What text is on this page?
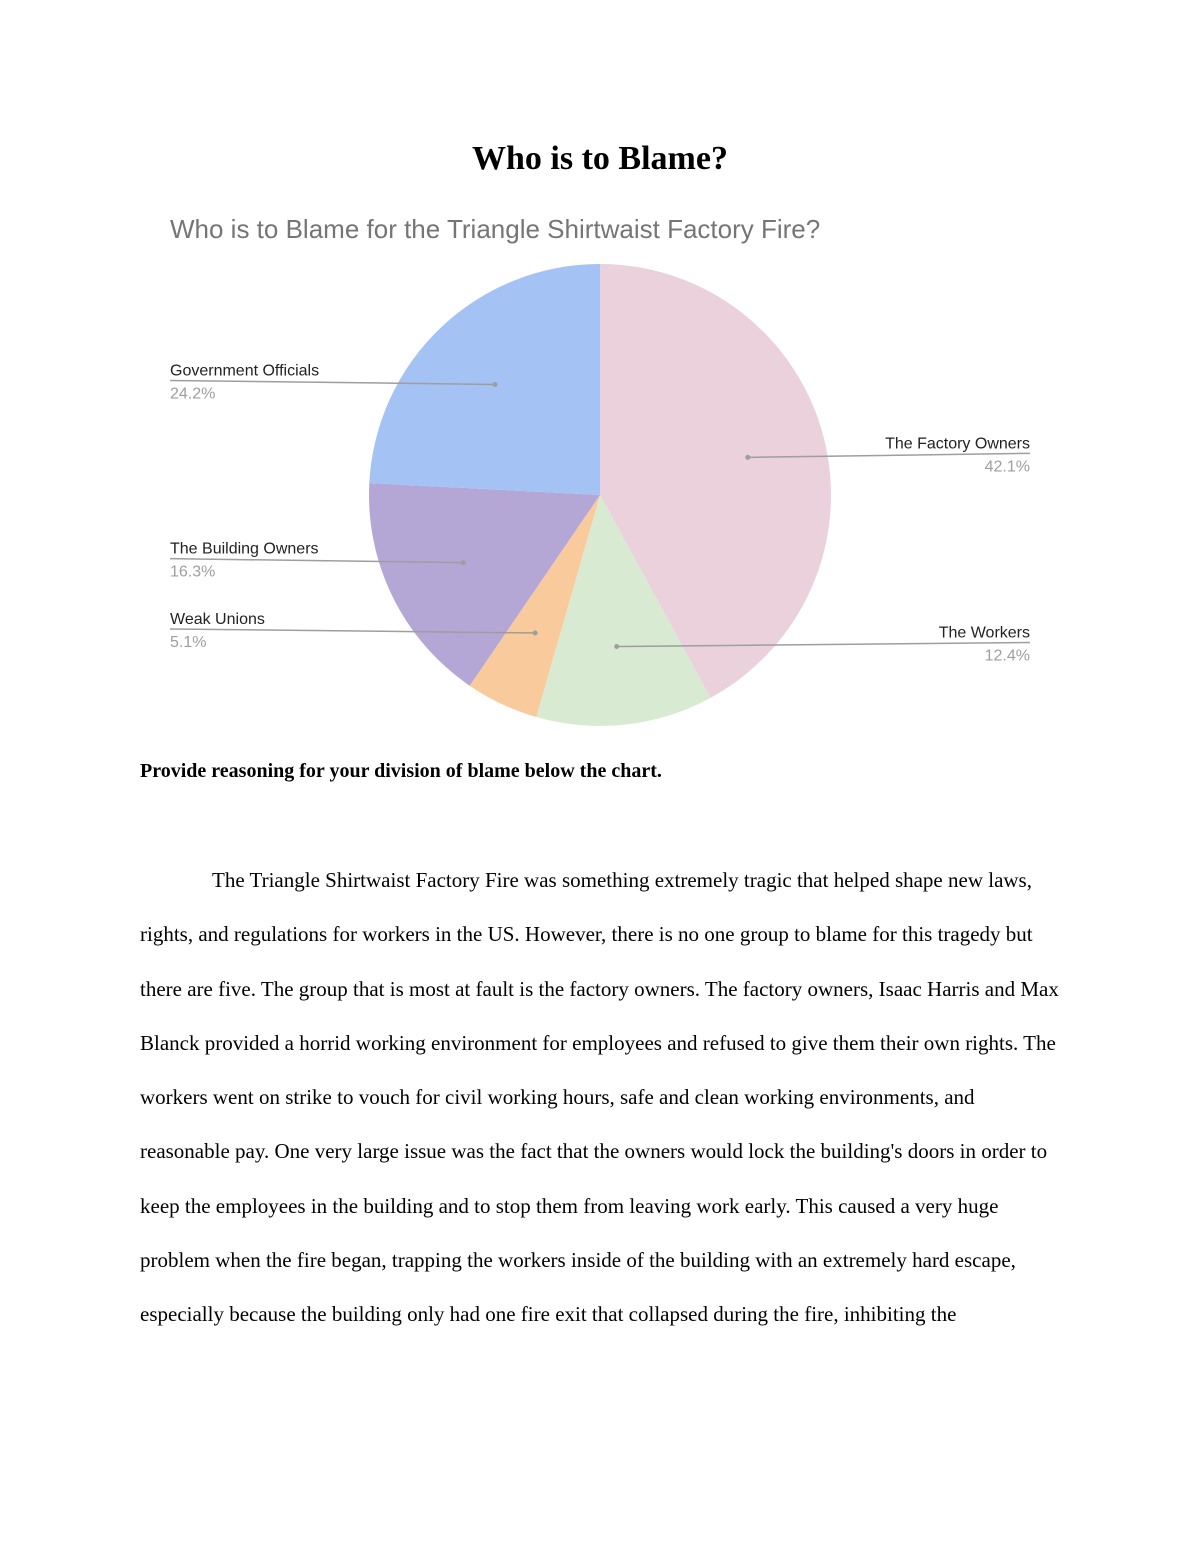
Who is to Blame?
Who is to Blame for the Triangle Shirtwaist Factory Fire?
The Factory Owners
42.1%
The Workers
12.4%
Weak Unions
5.1%
The Building Owners
16.3%
Government Officials
24.2%

Provide reasoning for your division of blame below the chart.

The Triangle Shirtwaist Factory Fire was something extremely tragic that helped shape new laws, rights, and regulations for workers in the US. However, there is no one group to blame for this tragedy but there are five. The group that is most at fault is the factory owners. The factory owners, Isaac Harris and Max Blanck provided a horrid working environment for employees and refused to give them their own rights. The workers went on strike to vouch for civil working hours, safe and clean working environments, and reasonable pay. One very large issue was the fact that the owners would lock the building's doors in order to keep the employees in the building and to stop them from leaving work early. This caused a very huge problem when the fire began, trapping the workers inside of the building with an extremely hard escape, especially because the building only had one fire exit that collapsed during the fire, inhibiting the
